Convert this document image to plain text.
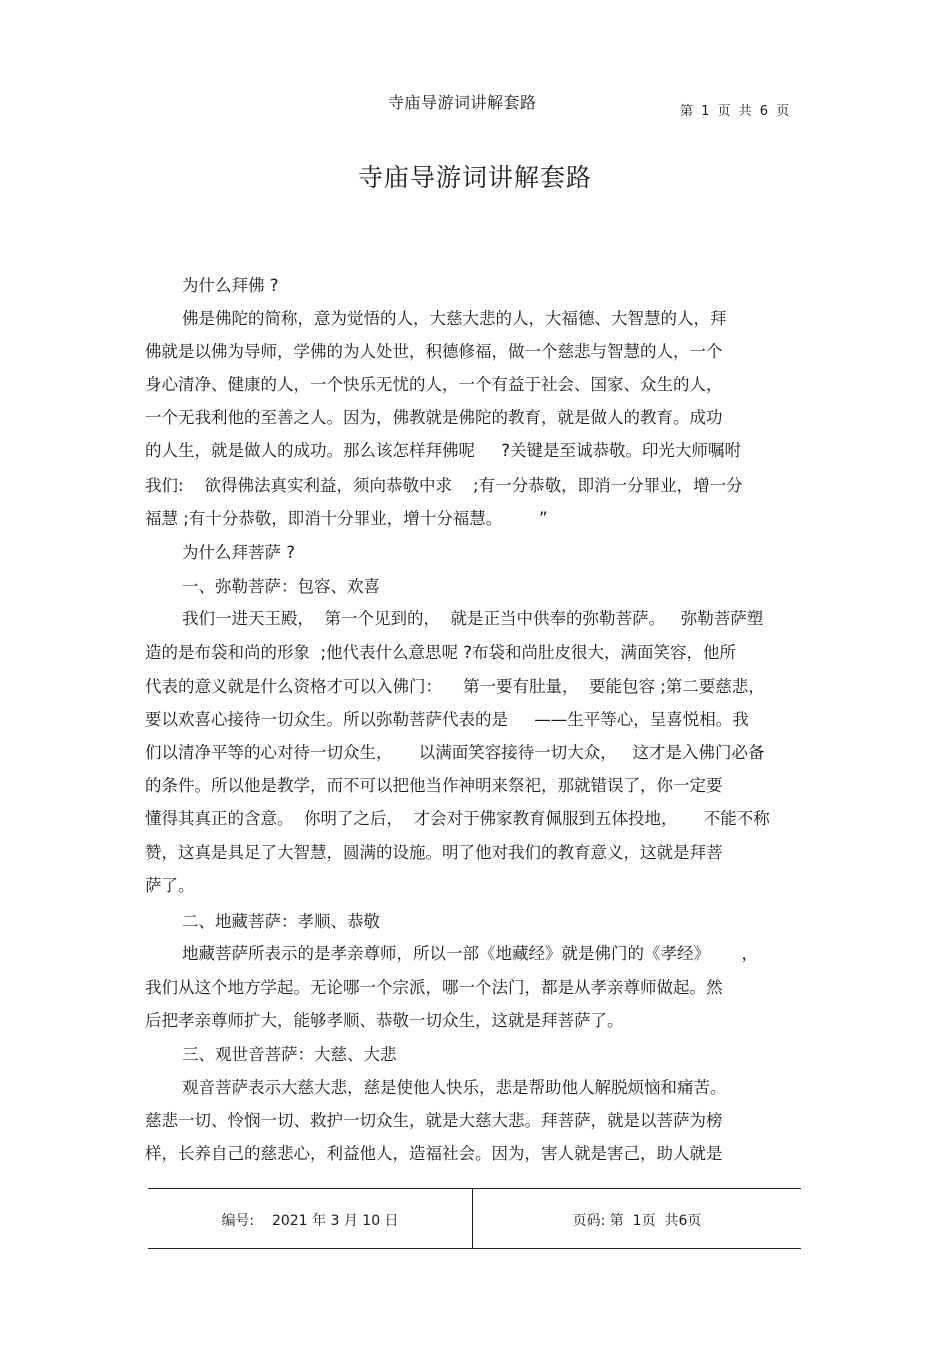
寺庙导游词讲解套路	第 1 页 共 6 页
寺庙导游词讲解套路
为什么拜佛 ?
佛是佛陀的简称，意为觉悟的人，大慈大悲的人，大福德、大智慧的人，拜
佛就是以佛为导师，学佛的为人处世，积德修福，做一个慈悲与智慧的人，一个
身心清净、健康的人，一个快乐无忧的人，一个有益于社会、国家、众生的人，
一个无我利他的至善之人。因为，佛教就是佛陀的教育，就是做人的教育。成功
的人生，就是做人的成功。那么该怎样拜佛呢     ?关键是至诚恭敬。印光大师嘱咐
我们:    欲得佛法真实利益，须向恭敬中求    ;有一分恭敬，即消一分罪业，增一分
福慧 ;有十分恭敬，即消十分罪业，增十分福慧。       ”
为什么拜菩萨 ?
一、弥勒菩萨：包容、欢喜
我们一进天王殿，  第一个见到的，  就是正当中供奉的弥勒菩萨。   弥勒菩萨塑
造的是布袋和尚的形象  ;他代表什么意思呢 ?布袋和尚肚皮很大，满面笑容，他所
代表的意义就是什么资格才可以入佛门：    第一要有肚量，  要能包容 ;第二要慈悲，
要以欢喜心接待一切众生。所以弥勒菩萨代表的是     ——生平等心，呈喜悦相。我
们以清净平等的心对待一切众生，     以满面笑容接待一切大众，   这才是入佛门必备
的条件。所以他是教学，而不可以把他当作神明来祭祀，那就错误了，你一定要
懂得其真正的含意。  你明了之后，  才会对于佛家教育佩服到五体投地，     不能不称
赞，这真是具足了大智慧，圆满的设施。明了他对我们的教育意义，这就是拜菩
萨了。
二、地藏菩萨：孝顺、恭敬
地藏菩萨所表示的是孝亲尊师，所以一部《地藏经》就是佛门的《孝经》      ，
我们从这个地方学起。无论哪一个宗派，哪一个法门，都是从孝亲尊师做起。然
后把孝亲尊师扩大，能够孝顺、恭敬一切众生，这就是拜菩萨了。
三、观世音菩萨：大慈、大悲
观音菩萨表示大慈大悲，慈是使他人快乐，悲是帮助他人解脱烦恼和痛苦。
慈悲一切、怜悯一切、救护一切众生，就是大慈大悲。拜菩萨，就是以菩萨为榜
样，长养自己的慈悲心，利益他人，造福社会。因为，害人就是害己，助人就是
编号:    2021 年 3 月 10 日	页码: 第  1页  共6页
